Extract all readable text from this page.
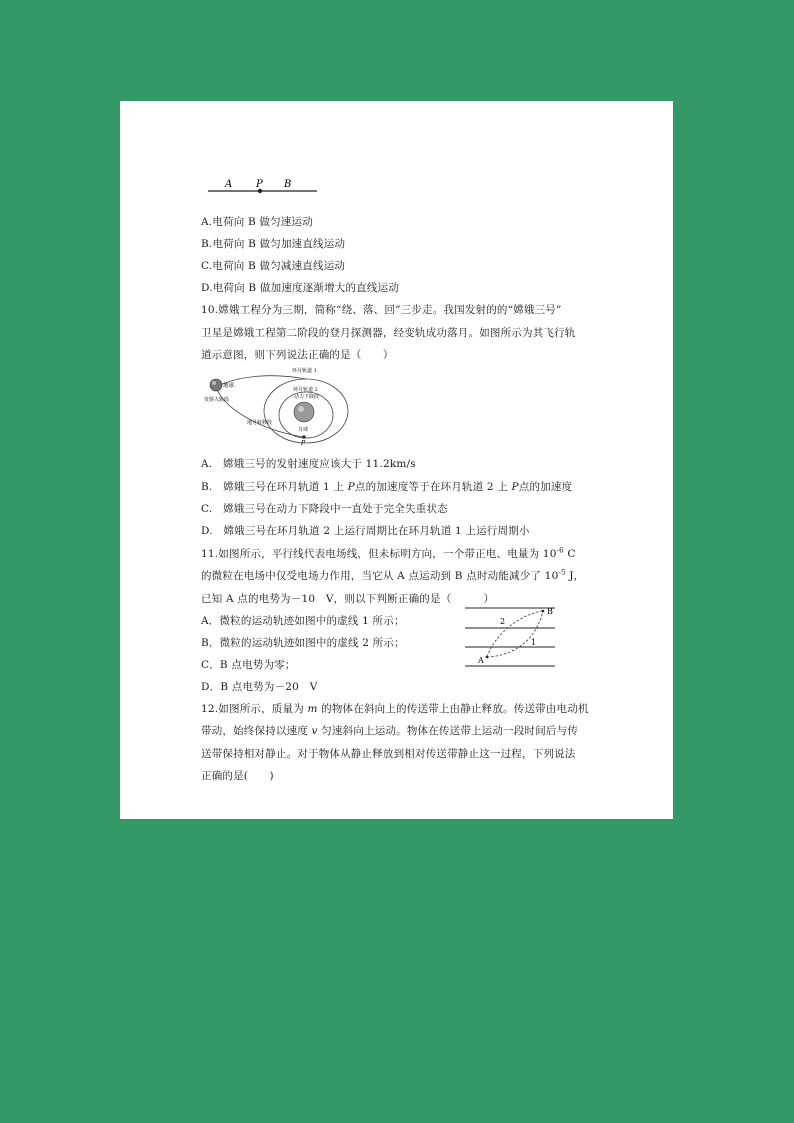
A P B
A.电荷向 B 做匀速运动
B.电荷向 B 做匀加速直线运动
C.电荷向 B 做匀减速直线运动
D.电荷向 B 做加速度逐渐增大的直线运动
10.嫦娥工程分为三期，简称“绕、落、回”三步走。我国发射的的“嫦娥三号”
卫星是嫦娥工程第二阶段的登月探测器，经变轨成功落月。如图所示为其飞行轨
道示意图，则下列说法正确的是（　　）
地球
发射入轨段
地月转移段
环月轨道 1
环月轨道 2
动力下降段
月球
P
A.　嫦娥三号的发射速度应该大于 11.2km/s
B.　嫦娥三号在环月轨道 1 上 P点的加速度等于在环月轨道 2 上 P点的加速度
C.　嫦娥三号在动力下降段中一直处于完全失重状态
D.　嫦娥三号在环月轨道 2 上运行周期比在环月轨道 1 上运行周期小
11.如图所示，平行线代表电场线，但未标明方向，一个带正电、电量为 $10^{-6}$ C
的微粒在电场中仅受电场力作用，当它从 A 点运动到 B 点时动能减少了 $10^{-5}$ J，
已知 A 点的电势为－10　V，则以下判断正确的是（　　　）
A．微粒的运动轨迹如图中的虚线 1 所示；
B．微粒的运动轨迹如图中的虚线 2 所示；
C．B 点电势为零；
D．B 点电势为－20　V
A
B
1
2
12.如图所示，质量为 m 的物体在斜向上的传送带上由静止释放。传送带由电动机
带动，始终保持以速度 v 匀速斜向上运动。物体在传送带上运动一段时间后与传
送带保持相对静止。对于物体从静止释放到相对传送带静止这一过程，下列说法
正确的是(　　)
